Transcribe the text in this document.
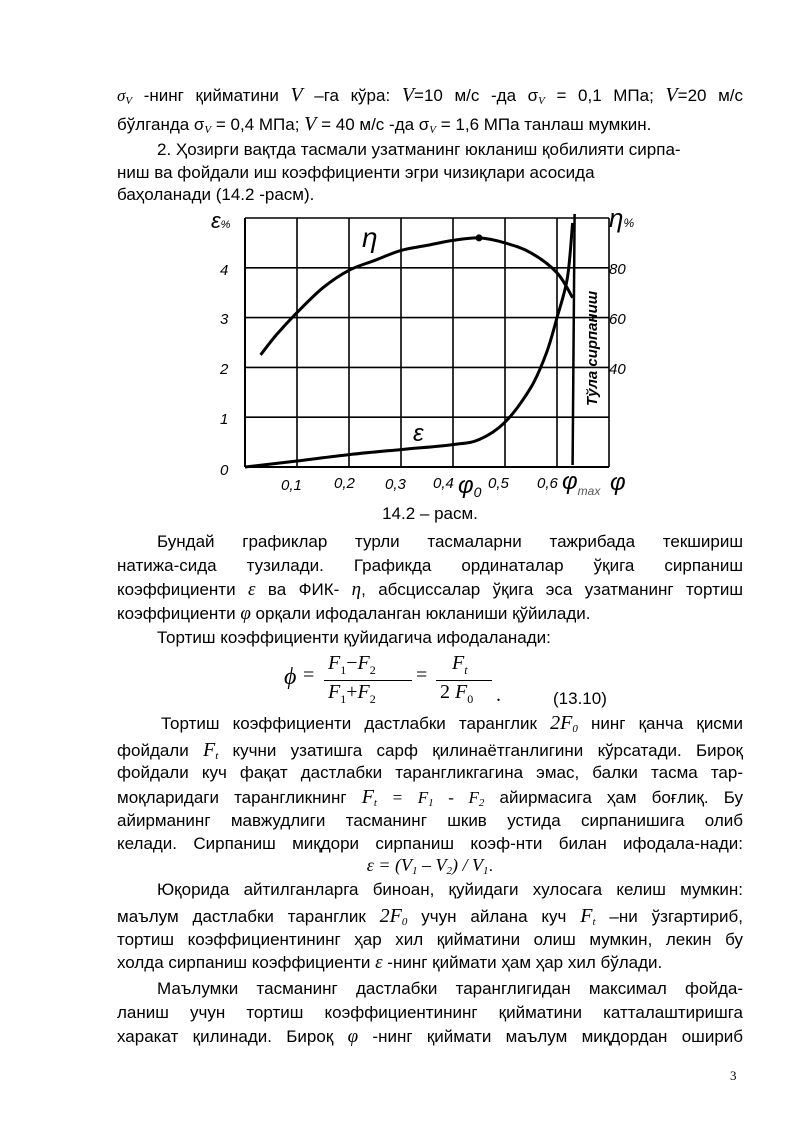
$\sigma_V$ -нинг қийматини V –га кўра: V=10 м/с -да $\sigma_V = 0,1$ МПа; V=20 м/с
бўлганда $\sigma_V = 0,4$ МПа; V = 40 м/с -да $\sigma_V = 1,6$ МПа танлаш мумкин.
2. Ҳозирги вақтда тасмали узатманинг юкланиш қобилияти сирпа-
ниш ва фойдали иш коэффициенти эгри чизиқлари асосида
баҳоланади (14.2 -расм).
ε%	η%
0
1
2
3
4
40
60
80
0,1 0,2 0,3 0,4 0,5 0,6
φ0	$\varphi_{max}$ φ
Тўла сирпаниш
η
ε
14.2 – расм.
Бундай графиклар турли тасмаларни тажрибада текшириш
натижа-сида тузилади. Графикда ординаталар ўқига сирпаниш
коэффициенти ε ва ФИК- η, абсциссалар ўқига эса узатманинг тортиш
коэффициенти φ орқали ифодаланган юкланиши қўйилади.
Тортиш коэффициенти қуйидагича ифодаланади:
ϕ =
$F_1-F_2$
$F_1+F_2$
=
$F_t$
2 $F_0$ .	(13.10)
Тортиш коэффициенти дастлабки таранглик $2F_0$ нинг қанча қисми
фойдали $F_t$ кучни узатишга сарф қилинаётганлигини кўрсатади. Бироқ
фойдали куч фақат дастлабки тарангликгагина эмас, балки тасма тар-
моқларидаги тарангликнинг $F_t = F_1 - F_2$ айирмасига ҳам боғлиқ. Бу
айирманинг мавжудлиги тасманинг шкив устида сирпанишига олиб
келади. Сирпаниш миқдори сирпаниш коэф-нти билан ифодала-нади:
$\varepsilon = (V_1 - V_2) / V_1$.
Юқорида айтилганларга биноан, қуйидаги хулосага келиш мумкин:
маълум дастлабки таранглик $2F_0$ учун айлана куч $F_t$ –ни ўзгартириб,
тортиш коэффициентининг ҳар хил қийматини олиш мумкин, лекин бу
холда сирпаниш коэффициенти ε -нинг қиймати ҳам ҳар хил бўлади.
Маълумки тасманинг дастлабки таранглигидан максимал фойда-
ланиш учун тортиш коэффициентининг қийматини катталаштиришга
харакат қилинади. Бироқ φ -нинг қиймати маълум миқдордан ошириб
3
